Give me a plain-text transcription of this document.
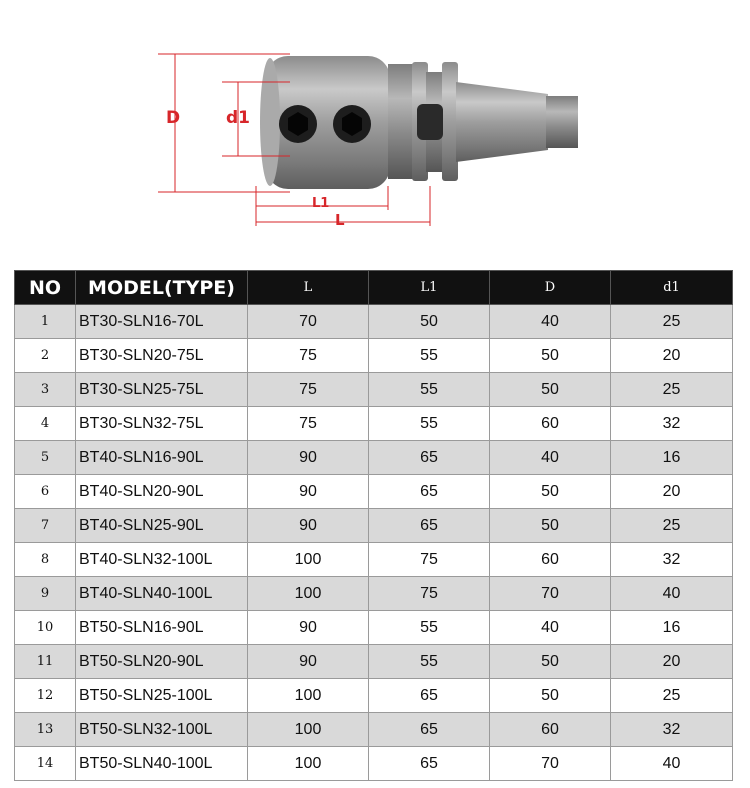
D	d1
L1
L
NO	MODEL(TYPE)	L	L1	D	d1
1	BT30-SLN16-70L	70	50	40	25
2	BT30-SLN20-75L	75	55	50	20
3	BT30-SLN25-75L	75	55	50	25
4	BT30-SLN32-75L	75	55	60	32
5	BT40-SLN16-90L	90	65	40	16
6	BT40-SLN20-90L	90	65	50	20
7	BT40-SLN25-90L	90	65	50	25
8	BT40-SLN32-100L	100	75	60	32
9	BT40-SLN40-100L	100	75	70	40
10	BT50-SLN16-90L	90	55	40	16
11	BT50-SLN20-90L	90	55	50	20
12	BT50-SLN25-100L	100	65	50	25
13	BT50-SLN32-100L	100	65	60	32
14	BT50-SLN40-100L	100	65	70	40
